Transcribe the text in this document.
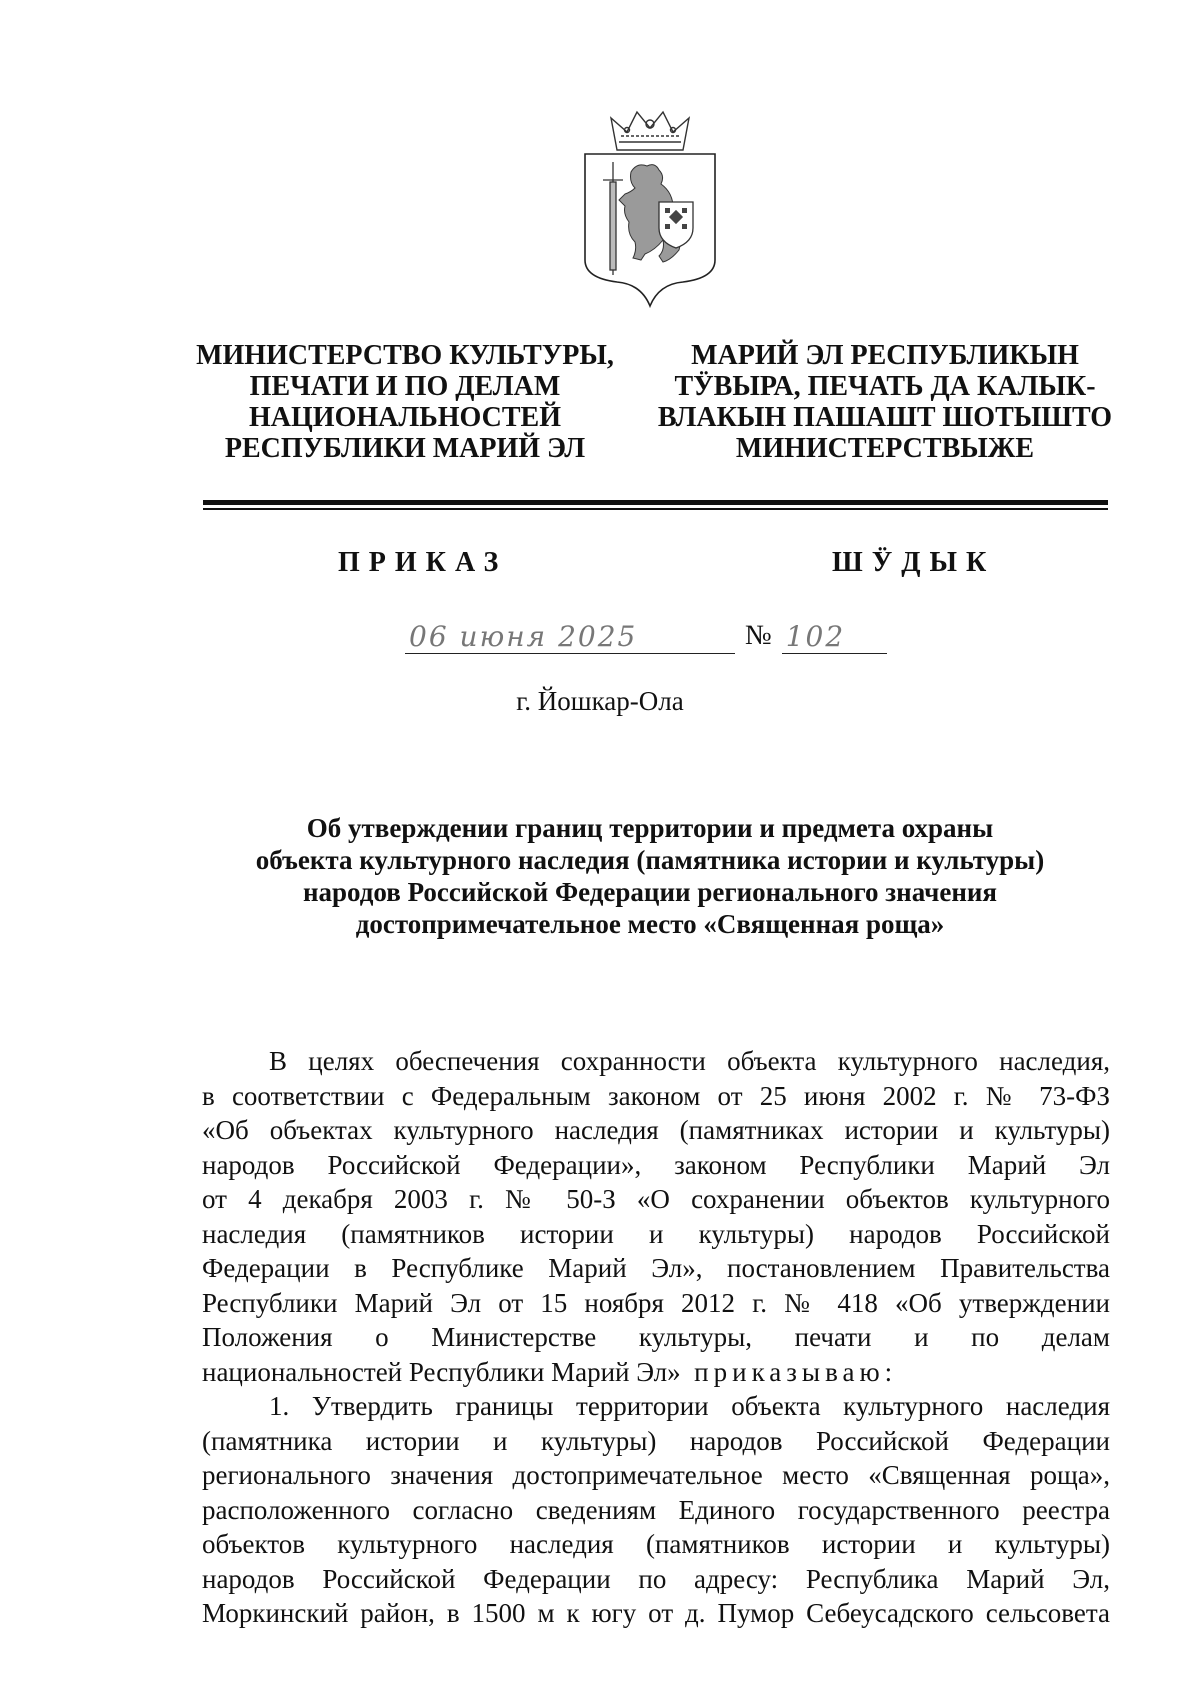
МИНИСТЕРСТВО КУЛЬТУРЫ,
ПЕЧАТИ И ПО ДЕЛАМ
НАЦИОНАЛЬНОСТЕЙ
РЕСПУБЛИКИ МАРИЙ ЭЛ
МАРИЙ ЭЛ РЕСПУБЛИКЫН
ТӰВЫРА, ПЕЧАТЬ ДА КАЛЫК-
ВЛАКЫН ПАШАШТ ШОТЫШТО
МИНИСТЕРСТВЫЖЕ
ПРИКАЗ	ШӰДЫК
06 июня 2025	№ 102
г. Йошкар-Ола
Об утверждении границ территории и предмета охраны
объекта культурного наследия (памятника истории и культуры)
народов Российской Федерации регионального значения
достопримечательное место «Священная роща»
В целях обеспечения сохранности объекта культурного наследия,
в соответствии с Федеральным законом от 25 июня 2002 г. № 73-ФЗ
«Об объектах культурного наследия (памятниках истории и культуры)
народов Российской Федерации», законом Республики Марий Эл
от 4 декабря 2003 г. № 50-З «О сохранении объектов культурного
наследия (памятников истории и культуры) народов Российской
Федерации в Республике Марий Эл», постановлением Правительства
Республики Марий Эл от 15 ноября 2012 г. № 418 «Об утверждении
Положения о Министерстве культуры, печати и по делам
национальностей Республики Марий Эл» приказываю:
1. Утвердить границы территории объекта культурного наследия
(памятника истории и культуры) народов Российской Федерации
регионального значения достопримечательное место «Священная роща»,
расположенного согласно сведениям Единого государственного реестра
объектов культурного наследия (памятников истории и культуры)
народов Российской Федерации по адресу: Республика Марий Эл,
Моркинский район, в 1500 м к югу от д. Пумор Себеусадского сельсовета
